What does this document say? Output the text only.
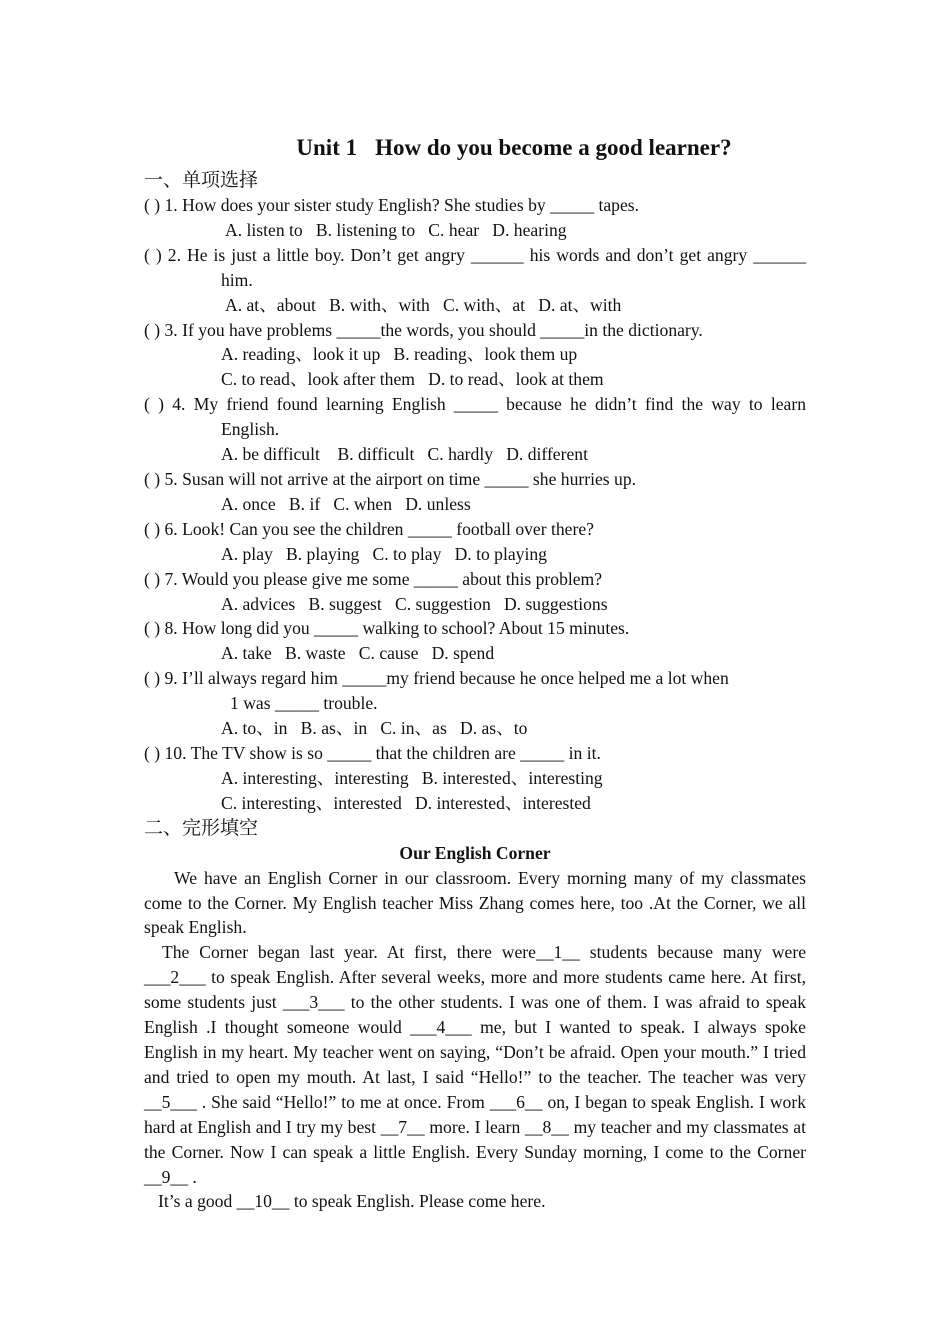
Unit 1 How do you become a good learner?
一、单项选择

( ) 1. How does your sister study English? She studies by _____ tapes.

A. listen to   B. listening to   C. hear   D. hearing

( ) 2. He is just a little boy. Don’t get angry ______ his words and don’t get angry ______ him.

A. at、about   B. with、with   C. with、at   D. at、with

( ) 3. If you have problems _____the words, you should _____in the dictionary.

A. reading、look it up   B. reading、look them up

C. to read、look after them   D. to read、look at them

( ) 4. My friend found learning English _____ because he didn’t find the way to learn English.

A. be difficult    B. difficult   C. hardly   D. different

( ) 5. Susan will not arrive at the airport on time _____ she hurries up.

A. once   B. if   C. when   D. unless

( ) 6. Look! Can you see the children _____ football over there?

A. play   B. playing   C. to play   D. to playing

( ) 7. Would you please give me some _____ about this problem?

A. advices   B. suggest   C. suggestion   D. suggestions

( ) 8. How long did you _____ walking to school? About 15 minutes.

A. take   B. waste   C. cause   D. spend

( ) 9. I’ll always regard him _____my friend because he once helped me a lot when

1 was _____ trouble.

A. to、in   B. as、in   C. in、as   D. as、to

( ) 10. The TV show is so _____ that the children are _____ in it.

A. interesting、interesting   B. interested、interesting

C. interesting、interested   D. interested、interested

二、完形填空

Our English Corner

We have an English Corner in our classroom. Every morning many of my classmates come to the Corner. My English teacher Miss Zhang comes here, too .At the Corner, we all speak English.

The Corner began last year. At first, there were__1__ students because many were ___2___ to speak English. After several weeks, more and more students came here. At first, some students just ___3___ to the other students. I was one of them. I was afraid to speak English .I thought someone would ___4___ me, but I wanted to speak. I always spoke English in my heart. My teacher went on saying, “Don’t be afraid. Open your mouth.” I tried and tried to open my mouth. At last, I said “Hello!” to the teacher. The teacher was very __5___ . She said “Hello!” to me at once. From ___6__ on, I began to speak English. I work hard at English and I try my best __7__ more. I learn __8__ my teacher and my classmates at the Corner. Now I can speak a little English. Every Sunday morning, I come to the Corner __9__ .

It’s a good __10__ to speak English. Please come here.
